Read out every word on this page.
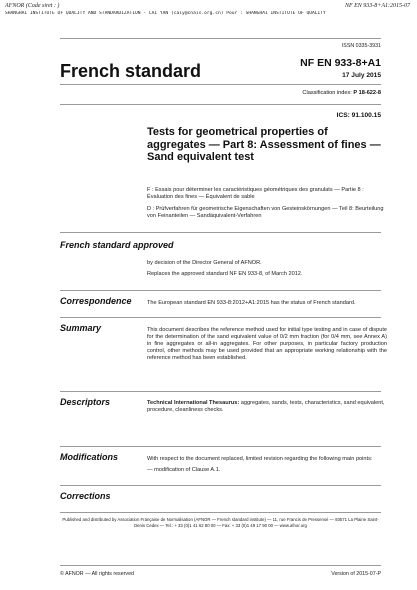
AFNOR (Code siret : )	NF EN 933-8+A1:2015-07
SHANGHAI INSTITUTE OF QUALITY AND STANDARDIZATION - CAI YAN (caiy@cnais.org.cn) Pour : SHANGHAI INSTITUTE OF QUALITY
ISSN 0335-3931
French standard	NF EN 933-8+A1
17 July 2015
Classification index: P 18-622-8
ICS: 91.100.15
Tests for geometrical properties of aggregates — Part 8: Assessment of fines — Sand equivalent test

F : Essais pour déterminer les caractéristiques géométriques des granulats — Partie 8 : Évaluation des fines — Équivalent de sable

D : Prüfverfahren für geometrische Eigenschaften von Gesteinskörnungen — Teil 8: Beurteilung von Feinanteilen — Sandäquivalent-Verfahren

French standard approved

by decision of the Director General of AFNOR.

Replaces the approved standard NF EN 933-8, of March 2012.

Correspondence	The European standard EN 933-8:2012+A1:2015 has the status of French standard.
Summary	This document describes the reference method used for initial type testing and in case of dispute for the determination of the sand equivalent value of 0/2 mm fraction (for 0/4 mm, see Annex A) in fine aggregates or all-in aggregates. For other purposes, in particular factory production control, other methods may be used provided that an appropriate working relationship with the reference method has been established.
Descriptors	Technical International Thesaurus: aggregates, sands, tests, characteristics, sand equivalent, procedure, cleanliness checks.
Modifications	With respect to the document replaced, limited revision regarding the following main points:

— modification of Clause A.1.

Corrections
Published and distributed by Association Française de Normalisation (AFNOR — French standard institute) — 11, rue Francis de Pressensé — 93571 La Plaine Saint-Denis Cedex — Tel.: + 33 (0)1 41 62 80 00 — Fax: + 33 (0)1 49 17 90 00 — www.afnor.org
© AFNOR — All rights reserved	Version of 2015-07-P
